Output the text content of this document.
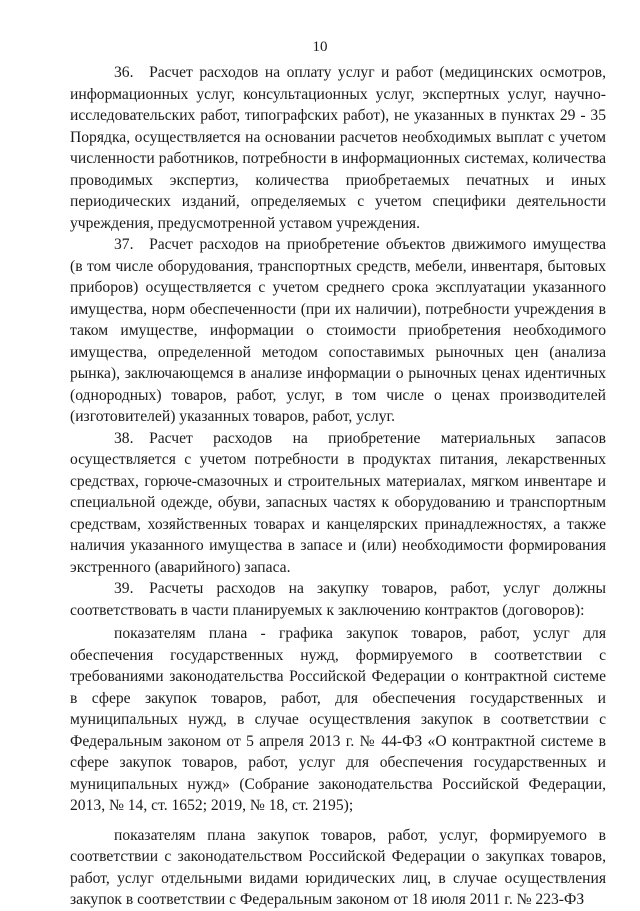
10

36. Расчет расходов на оплату услуг и работ (медицинских осмотров, информационных услуг, консультационных услуг, экспертных услуг, научно-исследовательских работ, типографских работ), не указанных в пунктах 29 - 35 Порядка, осуществляется на основании расчетов необходимых выплат с учетом численности работников, потребности в информационных системах, количества проводимых экспертиз, количества приобретаемых печатных и иных периодических изданий, определяемых с учетом специфики деятельности учреждения, предусмотренной уставом учреждения.

37. Расчет расходов на приобретение объектов движимого имущества (в том числе оборудования, транспортных средств, мебели, инвентаря, бытовых приборов) осуществляется с учетом среднего срока эксплуатации указанного имущества, норм обеспеченности (при их наличии), потребности учреждения в таком имуществе, информации о стоимости приобретения необходимого имущества, определенной методом сопоставимых рыночных цен (анализа рынка), заключающемся в анализе информации о рыночных ценах идентичных (однородных) товаров, работ, услуг, в том числе о ценах производителей (изготовителей) указанных товаров, работ, услуг.

38. Расчет расходов на приобретение материальных запасов осуществляется с учетом потребности в продуктах питания, лекарственных средствах, горюче-смазочных и строительных материалах, мягком инвентаре и специальной одежде, обуви, запасных частях к оборудованию и транспортным средствам, хозяйственных товарах и канцелярских принадлежностях, а также наличия указанного имущества в запасе и (или) необходимости формирования экстренного (аварийного) запаса.

39. Расчеты расходов на закупку товаров, работ, услуг должны соответствовать в части планируемых к заключению контрактов (договоров):

показателям плана - графика закупок товаров, работ, услуг для обеспечения государственных нужд, формируемого в соответствии с требованиями законодательства Российской Федерации о контрактной системе в сфере закупок товаров, работ, для обеспечения государственных и муниципальных нужд, в случае осуществления закупок в соответствии с Федеральным законом от 5 апреля 2013 г. № 44-ФЗ «О контрактной системе в сфере закупок товаров, работ, услуг для обеспечения государственных и муниципальных нужд» (Собрание законодательства Российской Федерации, 2013, № 14, ст. 1652; 2019, № 18, ст. 2195);

показателям плана закупок товаров, работ, услуг, формируемого в соответствии с законодательством Российской Федерации о закупках товаров, работ, услуг отдельными видами юридических лиц, в случае осуществления закупок в соответствии с Федеральным законом от 18 июля 2011 г. № 223-ФЗ
